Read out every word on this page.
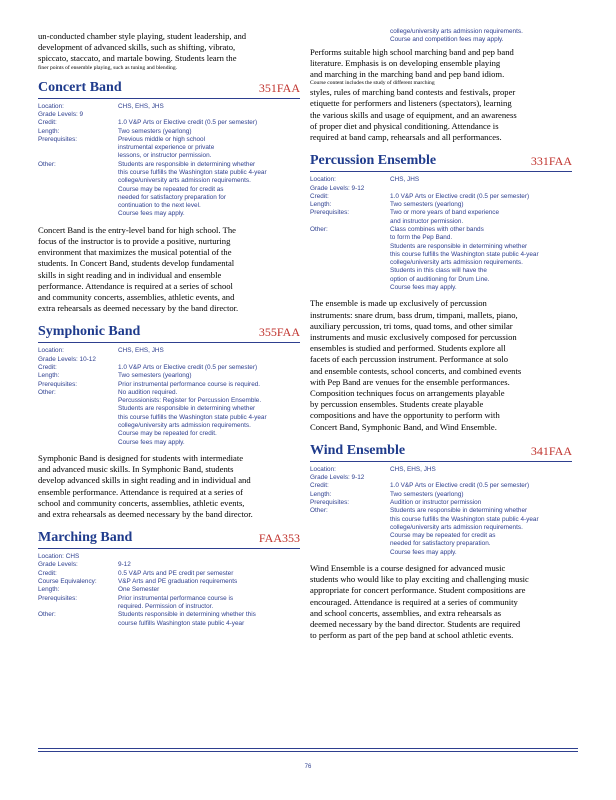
un-conducted chamber style playing, student leadership, and

development of advanced skills, such as shifting, vibrato,

spiccato, staccato, and martale bowing. Students learn the

finer points of ensemble playing, such as tuning and blending.
Concert Band	351FAA
Location:	CHS, EHS, JHS
Grade Levels: 9
Credit:	1.0 V&P Arts or Elective credit (0.5 per semester)
Length:	Two semesters (yearlong)
Prerequisites:	Previous middle or high school
instrumental experience or private
lessons, or instructor permission.
Other:	Students are responsible in determining whether
this course fulfills the Washington state public 4-year
college/university arts admission requirements.
Course may be repeated for credit as
needed for satisfactory preparation for
continuation to the next level.
Course fees may apply.

Concert Band is the entry-level band for high school. The

focus of the instructor is to provide a positive, nurturing

environment that maximizes the musical potential of the

students. In Concert Band, students develop fundamental

skills in sight reading and in individual and ensemble

performance. Attendance is required at a series of school

and community concerts, assemblies, athletic events, and

extra rehearsals as deemed necessary by the band director.

Symphonic Band	355FAA
Location:	CHS, EHS, JHS
Grade Levels: 10-12
Credit:	1.0 V&P Arts or Elective credit (0.5 per semester)
Length:	Two semesters (yearlong)
Prerequisites:	Prior instrumental performance course is required.
Other:	No audition required.
Percussionists: Register for Percussion Ensemble.
Students are responsible in determining whether
this course fulfills the Washington state public 4-year
college/university arts admission requirements.
Course may be repeated for credit.
Course fees may apply.

Symphonic Band is designed for students with intermediate

and advanced music skills. In Symphonic Band, students

develop advanced skills in sight reading and in individual and

ensemble performance. Attendance is required at a series of

school and community concerts, assemblies, athletic events,

and extra rehearsals as deemed necessary by the band director.

Marching Band	FAA353
Location: CHS
Grade Levels:	9-12
Credit:	0.5 V&P Arts and PE credit per semester
Course Equivalency:	V&P Arts and PE graduation requirements
Length:	One Semester
Prerequisites:	Prior instrumental performance course is
required. Permission of instructor.
Other:	Students responsible in determining whether this
course fulfills Washington state public 4-year
college/university arts admission requirements.
Course and competition fees may apply.

Performs suitable high school marching band and pep band

literature. Emphasis is on developing ensemble playing

and marching in the marching band and pep band idiom.

Course content includes the study of different marching

styles, rules of marching band contests and festivals, proper

etiquette for performers and listeners (spectators), learning

the various skills and usage of equipment, and an awareness

of proper diet and physical conditioning. Attendance is

required at band camp, rehearsals and all performances.

Percussion Ensemble	331FAA
Location:	CHS, JHS
Grade Levels: 9-12
Credit:	1.0 V&P Arts or Elective credit (0.5 per semester)
Length:	Two semesters (yearlong)
Prerequisites:	Two or more years of band experience
and instructor permission.
Other:	Class combines with other bands
to form the Pep Band.
Students are responsible in determining whether
this course fulfills the Washington state public 4-year
college/university arts admission requirements.
Students in this class will have the
option of auditioning for Drum Line.
Course fees may apply.

The ensemble is made up exclusively of percussion

instruments: snare drum, bass drum, timpani, mallets, piano,

auxiliary percussion, tri toms, quad toms, and other similar

instruments and music exclusively composed for percussion

ensembles is studied and performed. Students explore all

facets of each percussion instrument. Performance at solo

and ensemble contests, school concerts, and combined events

with Pep Band are venues for the ensemble performances.

Composition techniques focus on arrangements playable

by percussion ensembles. Students create playable

compositions and have the opportunity to perform with

Concert Band, Symphonic Band, and Wind Ensemble.

Wind Ensemble	341FAA
Location:	CHS, EHS, JHS
Grade Levels: 9-12
Credit:	1.0 V&P Arts or Elective credit (0.5 per semester)
Length:	Two semesters (yearlong)
Prerequisites:	Audition or instructor permission
Other:	Students are responsible in determining whether
this course fulfills the Washington state public 4-year
college/university arts admission requirements.
Course may be repeated for credit as
needed for satisfactory preparation.
Course fees may apply.

Wind Ensemble is a course designed for advanced music

students who would like to play exciting and challenging music

appropriate for concert performance. Student compositions are

encouraged. Attendance is required at a series of community

and school concerts, assemblies, and extra rehearsals as

deemed necessary by the band director. Students are required

to perform as part of the pep band at school athletic events.

76
